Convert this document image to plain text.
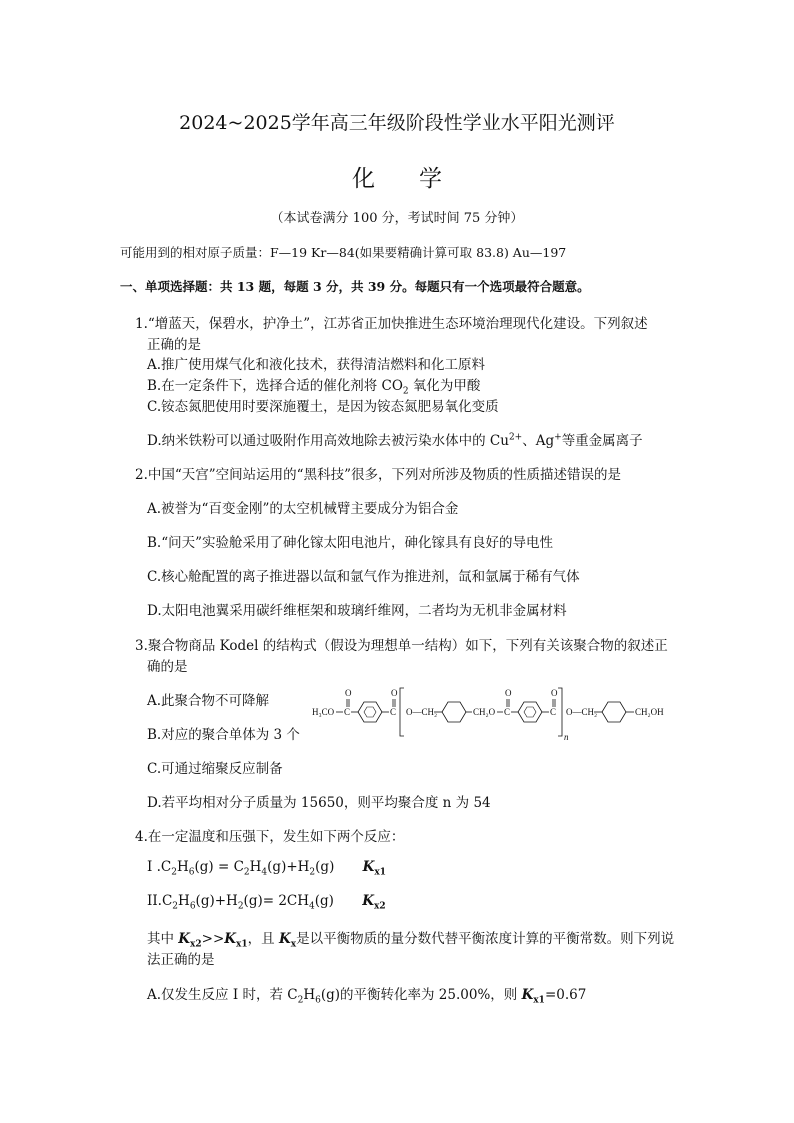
2024~2025学年高三年级阶段性学业水平阳光测评
化学
（本试卷满分 100 分，考试时间 75 分钟）
可能用到的相对原子质量：F—19 Kr—84(如果要精确计算可取 83.8) Au—197
一、单项选择题：共 13 题，每题 3 分，共 39 分。每题只有一个选项最符合题意。
1.“增蓝天，保碧水，护净土”，江苏省正加快推进生态环境治理现代化建设。下列叙述
正确的是
A.推广使用煤气化和液化技术，获得清洁燃料和化工原料
B.在一定条件下，选择合适的催化剂将 $CO_2$ 氧化为甲酸
C.铵态氮肥使用时要深施覆土，是因为铵态氮肥易氧化变质
D.纳米铁粉可以通过吸附作用高效地除去被污染水体中的 $Cu^{2+}$、Ag+等重金属离子
2.中国“天宫”空间站运用的“黑科技”很多，下列对所涉及物质的性质描述错误的是
A.被誉为“百变金刚”的太空机械臂主要成分为铝合金
B.“问天”实验舱采用了砷化镓太阳电池片，砷化镓具有良好的导电性
C.核心舱配置的离子推进器以氙和氩气作为推进剂，氙和氩属于稀有气体
D.太阳电池翼采用碳纤维框架和玻璃纤维网，二者均为无机非金属材料
3.聚合物商品 Kodel 的结构式（假设为理想单一结构）如下，下列有关该聚合物的叙述正
确的是
A.此聚合物不可降解
B.对应的聚合单体为 3 个
C.可通过缩聚反应制备
D.若平均相对分子质量为 15650，则平均聚合度 n 为 54
H₃CO C
O
C
O
O—CH₂	CH₂O C
O
C
O
n
O—CH₂	CH₂OH
4.在一定温度和压强下，发生如下两个反应：
I $.C_2H_6(g) = C_2H_4(g)+H_2(g)$ $K_{x1}$
$II.C_2H_6(g)+H_2(g)= 2CH_4(g)$ $K_{x2}$
其中 $K_{x2}>>K_{x1}$，且 $K_x$是以平衡物质的量分数代替平衡浓度计算的平衡常数。则下列说
法正确的是
A.仅发生反应 I 时，若 $C_2H_6(g)$的平衡转化率为 25.00%，则 $K_{x1}=0.67$
